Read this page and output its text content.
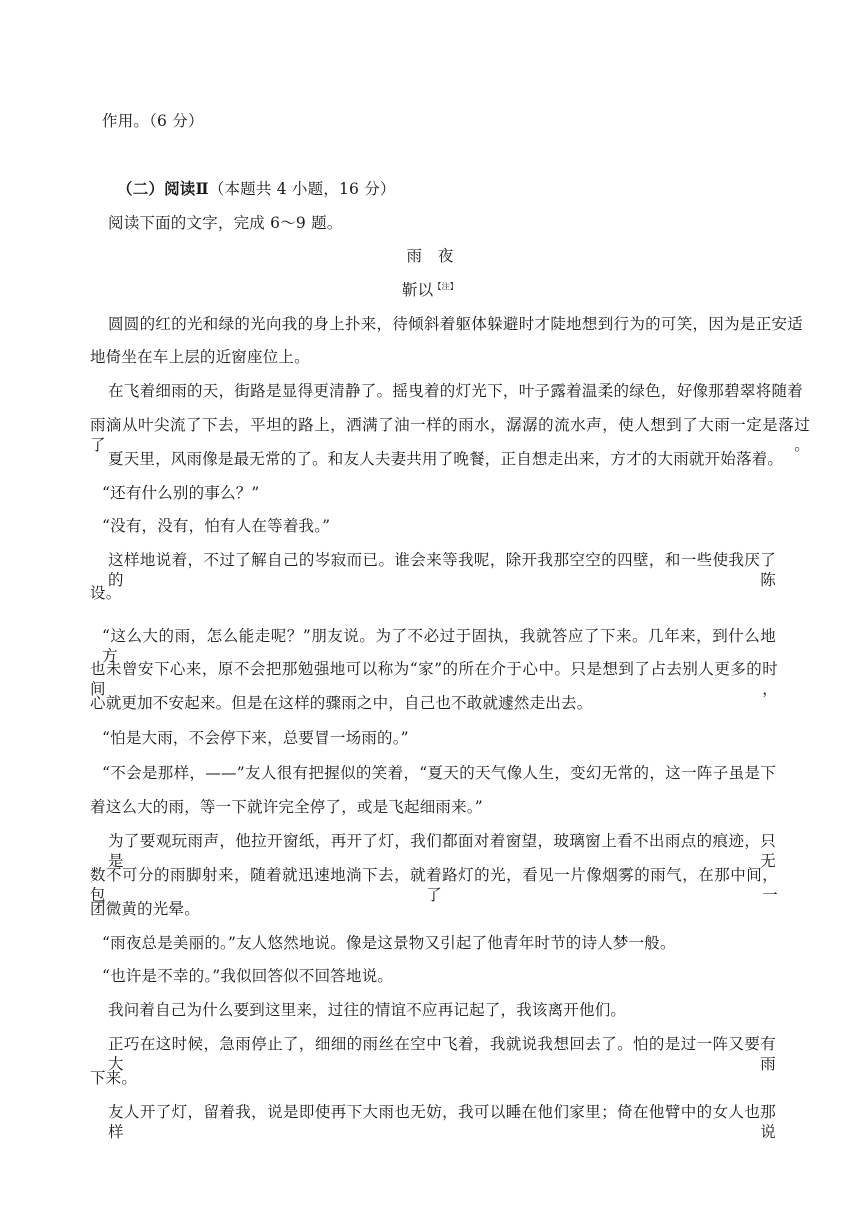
作用。（6 分）
（二）阅读Ⅱ（本题共 4 小题，16 分）
阅读下面的文字，完成 6～9 题。
雨　夜
靳以$^{【注】}$
圆圆的红的光和绿的光向我的身上扑来，待倾斜着躯体躲避时才陡地想到行为的可笑，因为是正安适
地倚坐在车上层的近窗座位上。
在飞着细雨的天，街路是显得更清静了。摇曳着的灯光下，叶子露着温柔的绿色，好像那碧翠将随着
雨滴从叶尖流了下去，平坦的路上，洒满了油一样的雨水，潺潺的流水声，使人想到了大雨一定是落过了。
夏天里，风雨像是最无常的了。和友人夫妻共用了晚餐，正自想走出来，方才的大雨就开始落着。
“还有什么别的事么？”
“没有，没有，怕有人在等着我。”
这样地说着，不过了解自己的岑寂而已。谁会来等我呢，除开我那空空的四壁，和一些使我厌了的陈
设。
“这么大的雨，怎么能走呢？”朋友说。为了不必过于固执，我就答应了下来。几年来，到什么地方
也未曾安下心来，原不会把那勉强地可以称为“家”的所在介于心中。只是想到了占去别人更多的时间，
心就更加不安起来。但是在这样的骤雨之中，自己也不敢就遽然走出去。
“怕是大雨，不会停下来，总要冒一场雨的。”
“不会是那样，——”友人很有把握似的笑着，“夏天的天气像人生，变幻无常的，这一阵子虽是下
着这么大的雨，等一下就许完全停了，或是飞起细雨来。”
为了要观玩雨声，他拉开窗纸，再开了灯，我们都面对着窗望，玻璃窗上看不出雨点的痕迹，只是无
数不可分的雨脚射来，随着就迅速地淌下去，就着路灯的光，看见一片像烟雾的雨气，在那中间，包了一
团微黄的光晕。
“雨夜总是美丽的。”友人悠然地说。像是这景物又引起了他青年时节的诗人梦一般。
“也许是不幸的。”我似回答似不回答地说。
我问着自己为什么要到这里来，过往的情谊不应再记起了，我该离开他们。
正巧在这时候，急雨停止了，细细的雨丝在空中飞着，我就说我想回去了。怕的是过一阵又要有大雨
下来。
友人开了灯，留着我，说是即使再下大雨也无妨，我可以睡在他们家里；倚在他臂中的女人也那样说
